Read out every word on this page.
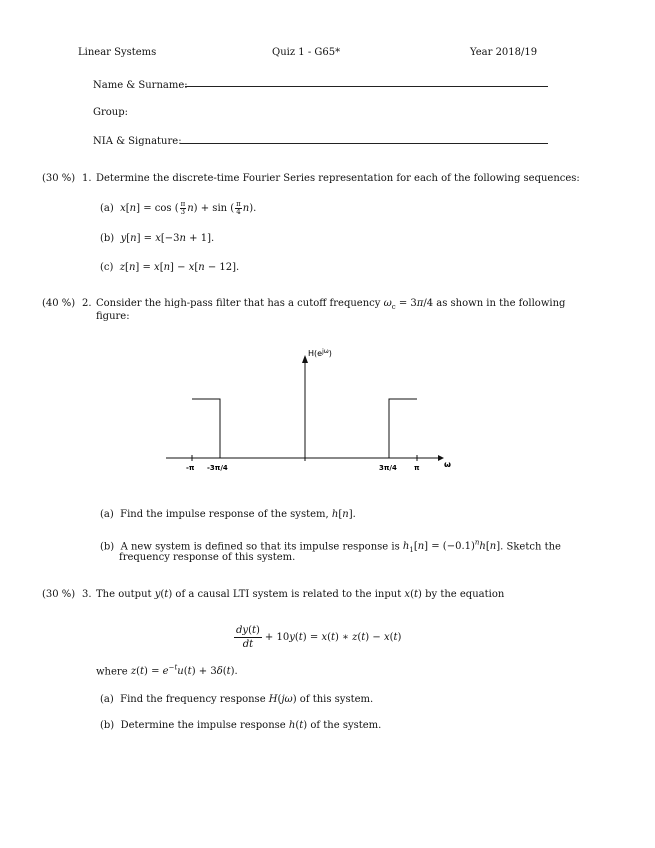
Linear Systems	Quiz 1 - G65*	Year 2018/19
Name & Surname:
Group:
NIA & Signature:
(30 %) 1. Determine the discrete-time Fourier Series representation for each of the following sequences:
(a) x[n] = cos ( $\frac{\pi}{3} n) + \sin$ ( $\frac{\pi}{4} n$).
(b) y[n] = x[−3n + 1].
(c) z[n] = x[n] − x[n − 12].
(40 %) 2. Consider the high-pass filter that has a cutoff frequency $\omega_c = 3\pi/4$ as shown in the following
figure:
$H(e^{j\omega})$
ω
-π -3π/4	3π/4 π
(a) Find the impulse response of the system, h[n].
(b) A new system is defined so that its impulse response is $h_1[n] = (-0.1)^nh[n]$. Sketch the
frequency response of this system.
(30 %) 3. The output y(t) of a causal LTI system is related to the input x(t) by the equation
$\frac{dy(t)}{dt} + 10y(t) = x(t)$ ∗ z(t) − x(t)
where $z(t) = e^{-t}u(t) + 3\delta(t)$.
(a) Find the frequency response H(jω) of this system.
(b) Determine the impulse response h(t) of the system.
